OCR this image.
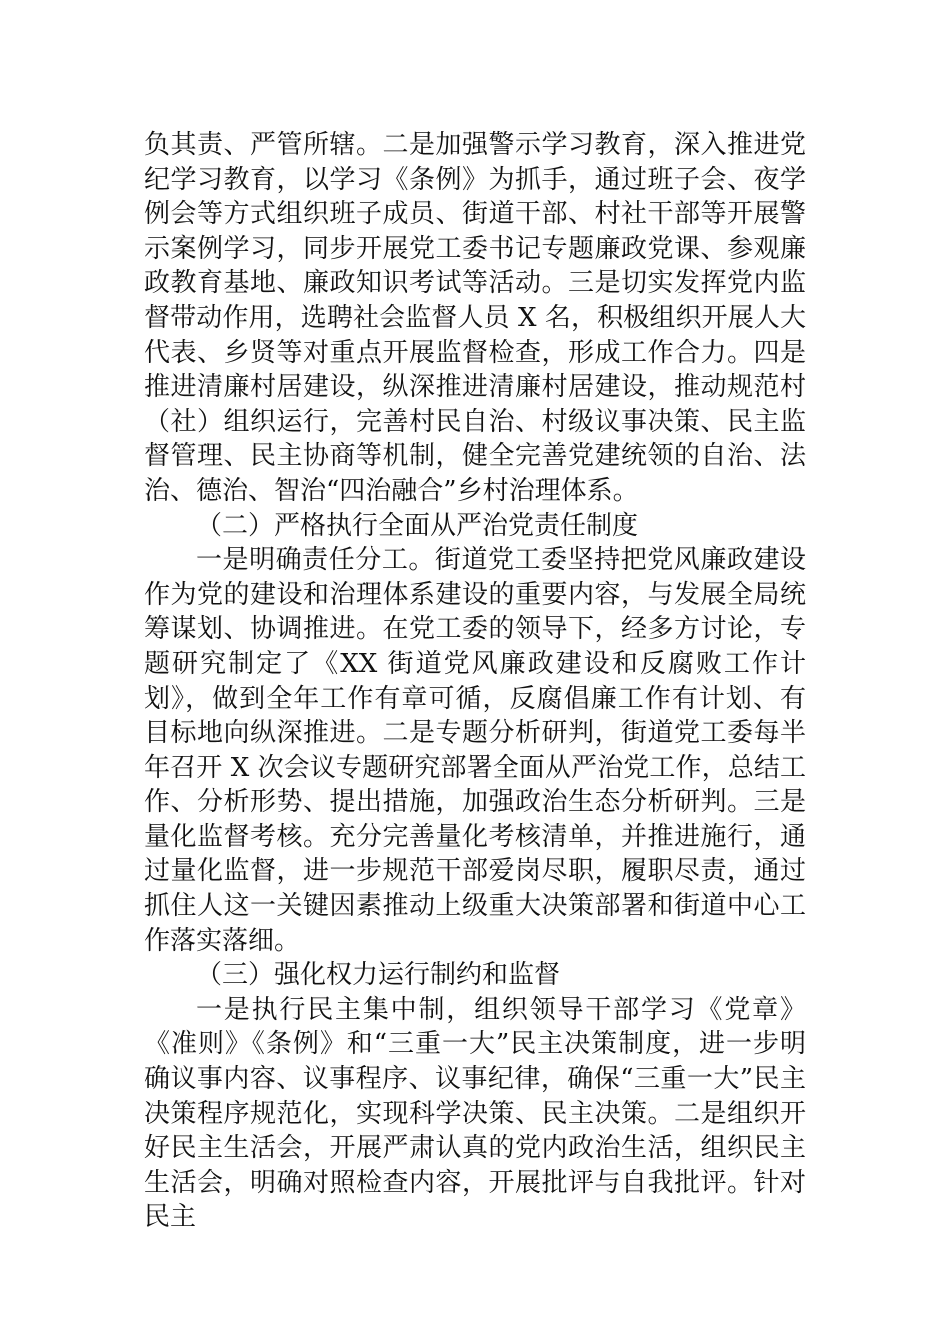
负其责、严管所辖。二是加强警示学习教育，深入推进党纪学习教育，以学习《条例》为抓手，通过班子会、夜学例会等方式组织班子成员、街道干部、村社干部等开展警示案例学习，同步开展党工委书记专题廉政党课、参观廉政教育基地、廉政知识考试等活动。三是切实发挥党内监督带动作用，选聘社会监督人员 X 名，积极组织开展人大代表、乡贤等对重点开展监督检查，形成工作合力。四是推进清廉村居建设，纵深推进清廉村居建设，推动规范村（社）组织运行，完善村民自治、村级议事决策、民主监督管理、民主协商等机制，健全完善党建统领的自治、法治、德治、智治“四治融合”乡村治理体系。

（二）严格执行全面从严治党责任制度

一是明确责任分工。街道党工委坚持把党风廉政建设作为党的建设和治理体系建设的重要内容，与发展全局统筹谋划、协调推进。在党工委的领导下，经多方讨论，专题研究制定了《XX 街道党风廉政建设和反腐败工作计划》，做到全年工作有章可循，反腐倡廉工作有计划、有目标地向纵深推进。二是专题分析研判，街道党工委每半年召开 X 次会议专题研究部署全面从严治党工作，总结工作、分析形势、提出措施，加强政治生态分析研判。三是量化监督考核。充分完善量化考核清单，并推进施行，通过量化监督，进一步规范干部爱岗尽职，履职尽责，通过抓住人这一关键因素推动上级重大决策部署和街道中心工作落实落细。

（三）强化权力运行制约和监督

一是执行民主集中制，组织领导干部学习《党章》《准则》《条例》和“三重一大”民主决策制度，进一步明确议事内容、议事程序、议事纪律，确保“三重一大”民主决策程序规范化，实现科学决策、民主决策。二是组织开好民主生活会，开展严肃认真的党内政治生活，组织民主生活会，明确对照检查内容，开展批评与自我批评。针对民主
